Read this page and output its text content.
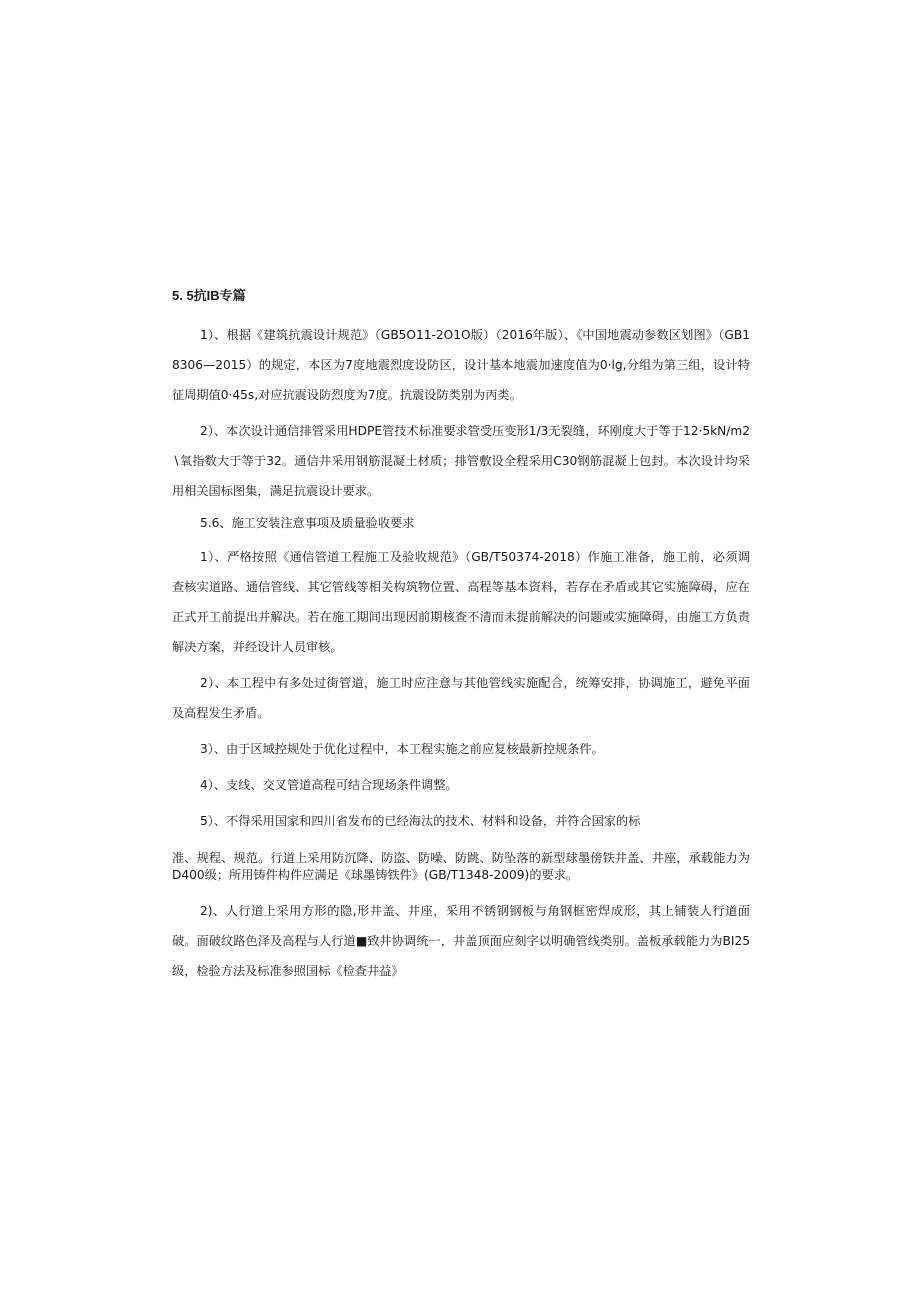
5. 5抗IB专篇

1）、根据《建筑抗震设计规范》（GB5O11-2O1O版）（2016年版）、《中国地震动参数区划图》（GB18306—2015）的规定，本区为7度地震烈度设防区，设计基本地震加速度值为0·lg,分组为第三组，设计特征周期值0·45s,对应抗震设防烈度为7度。抗震设防类别为丙类。

2）、本次设计通信排管采用HDPE管技术标准要求管受压变形1/3无裂缝，环刚度大于等于12·5kN∕m2∖氧指数大于等于32。通信井采用钢筋混凝土材质；排管敷设全程采用C30钢筋混凝上包封。本次设计均采用相关国标图集，满足抗震设计要求。

5.6、施工安装注意事项及质量验收要求

1）、严格按照《通信管道工程施工及验收规范》（GB/T50374-2018）作施工准备，施工前，必须调查核实道路、通信管线、其它管线等相关构筑物位置、高程等基本资料，若存在矛盾或其它实施障碍，应在正式开工前提出并解决。若在施工期间出现因前期核查不清而未提前解决的问题或实施障碍，由施工方负责解决方案，并经设计人员审核。

2）、本工程中有多处过街管道，施工时应注意与其他管线实施配合，统筹安排，协调施工，避免平面及高程发生矛盾。

3）、由于区域控规处于优化过程中，本工程实施之前应复核最新控规条件。

4）、支线、交叉管道高程可结合现场条件调整。

5）、不得采用国家和四川省发布的已经海汰的技术、材料和设备，并符合国家的标

准、规程、规范。行道上采用防沉降、防盗、防噪、防跳、防坠落的新型球墨傍铁井盖、井座，承载能力为D400级；所用铸件构件应满足《球墨铸铁件》(GB/T1348-2009)的要求。

2)、人行道上采用方形的隐,形井盖、井座，采用不锈钢钢板与角钢框密焊成形，其上铺装人行道面破。面破纹路色泽及高程与人行道■致井协调统一，井盖顶面应刻字以明确管线类别。盖板承载能力为BI25级，检验方法及标准参照国标《检查井益》
